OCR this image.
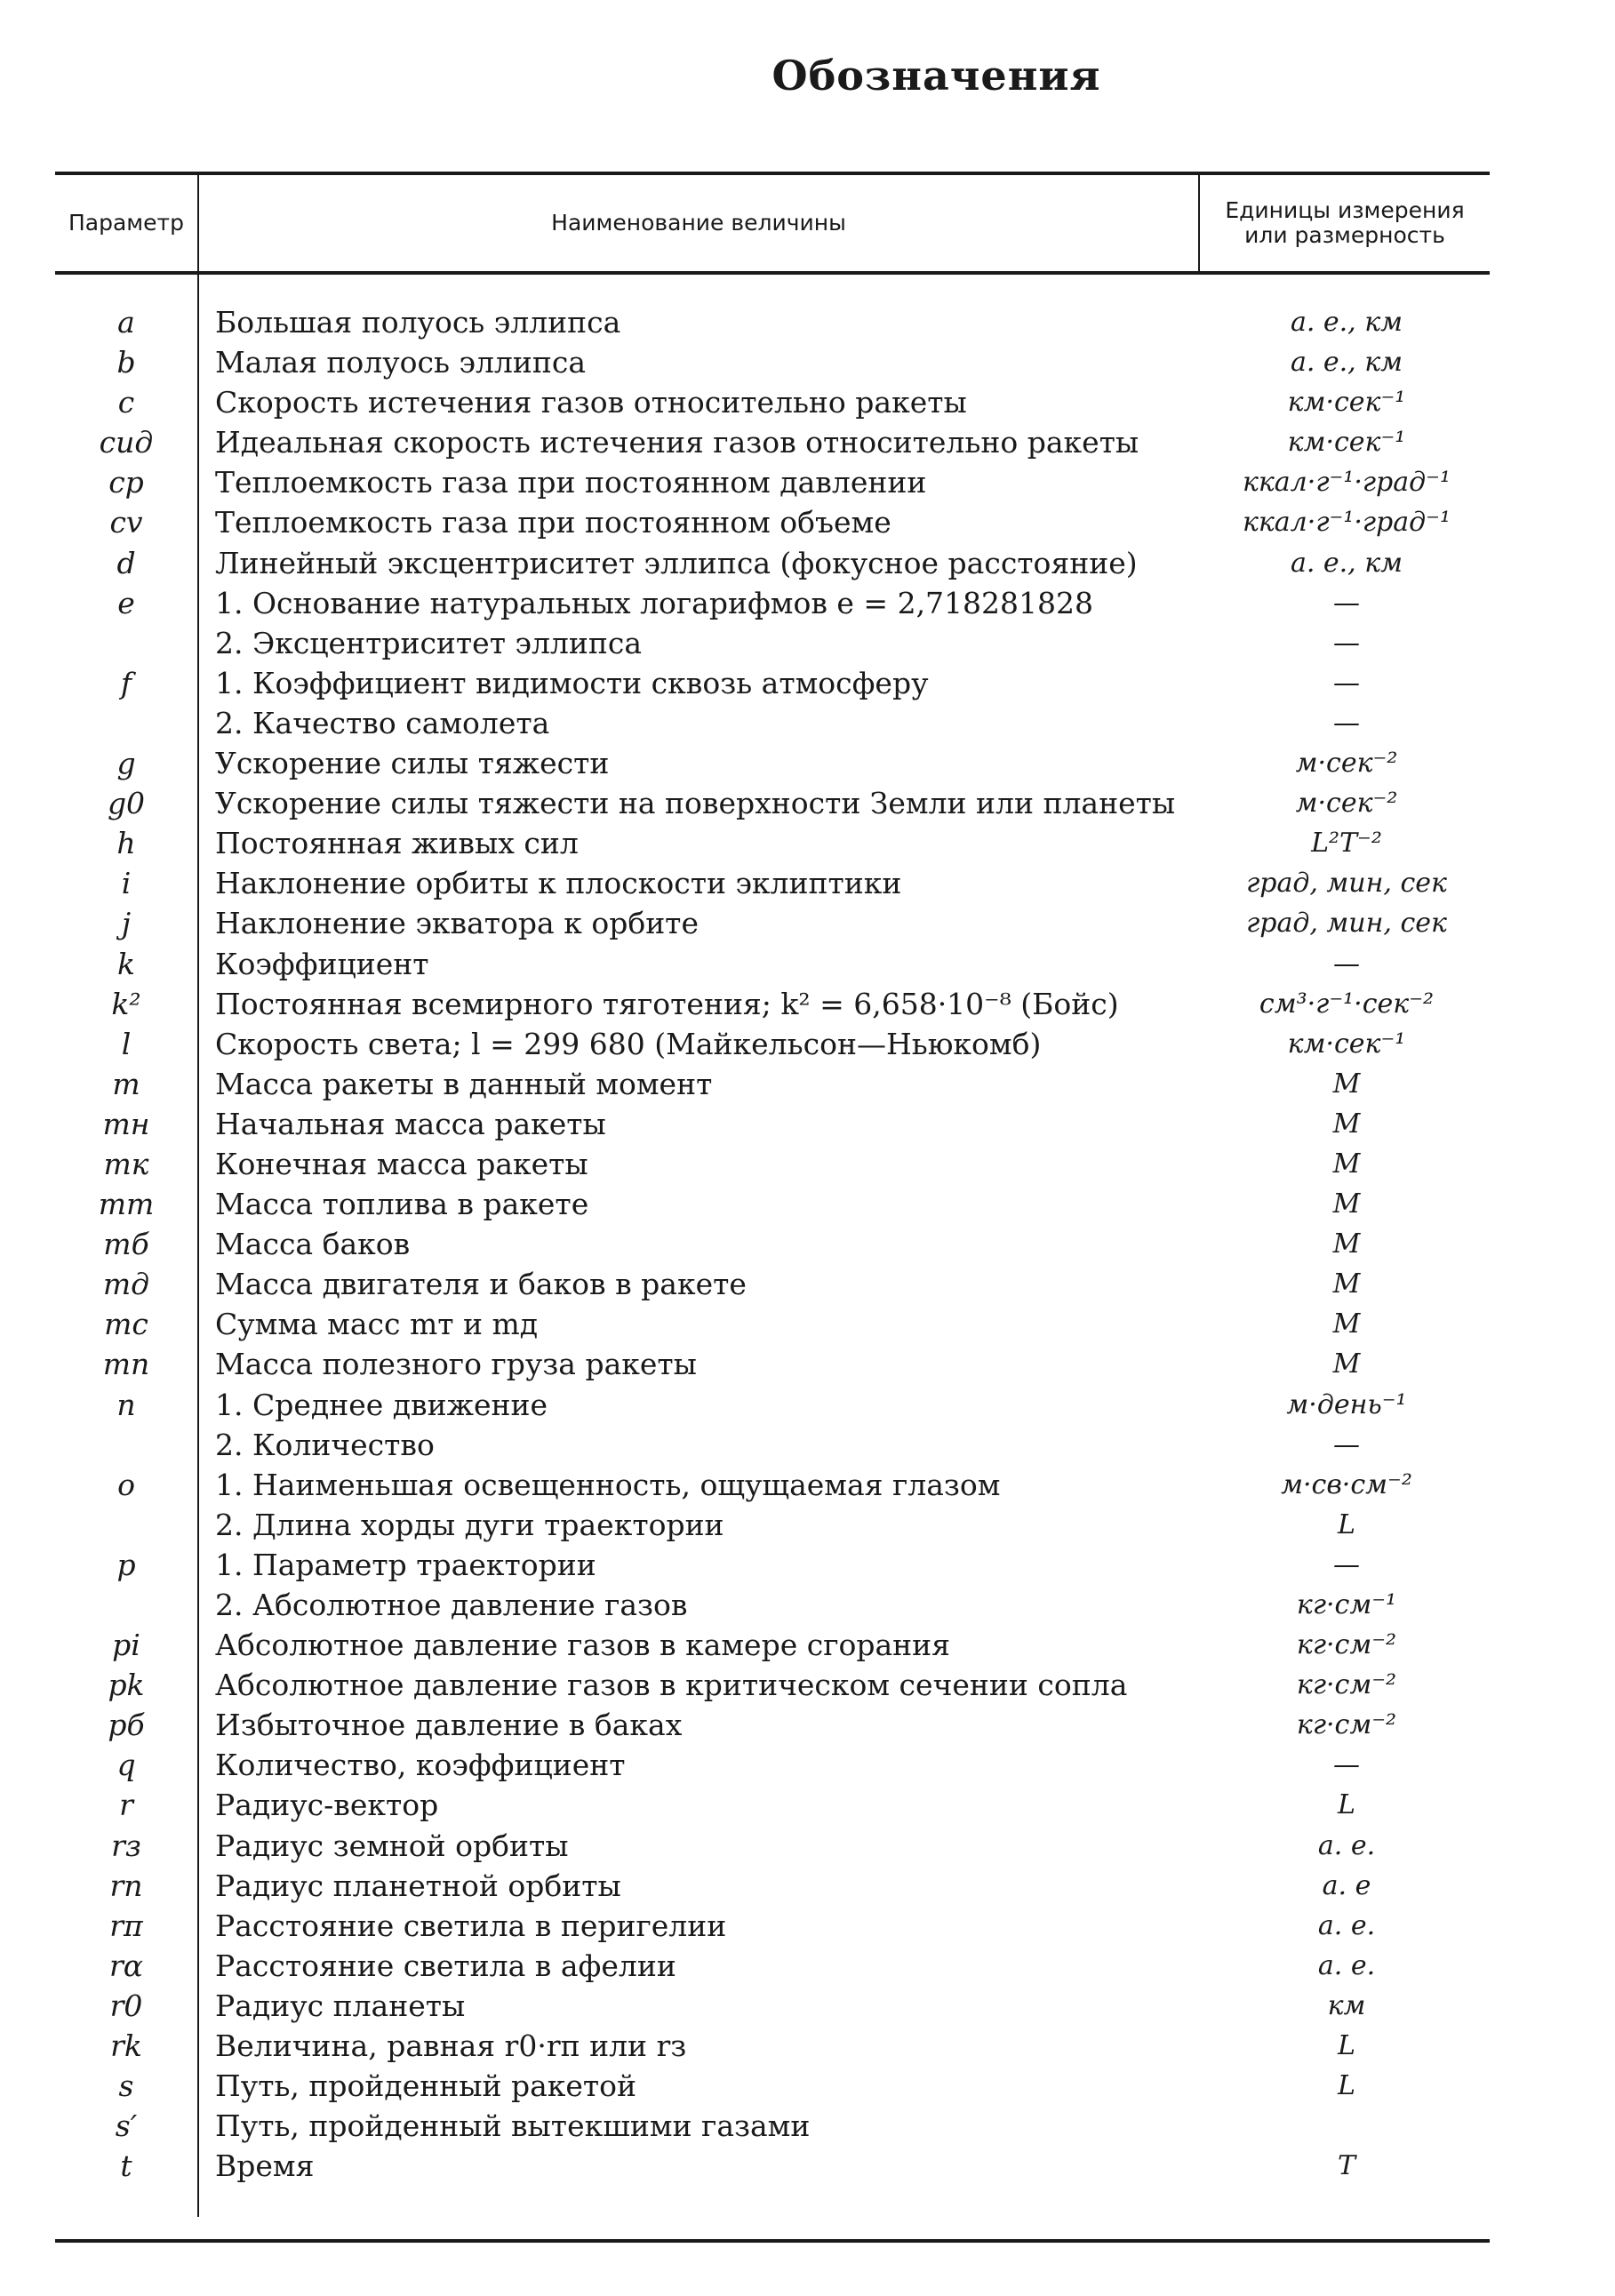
Обозначения
Параметр	Наименование величины	Единицы измерения
или размерность
a	Большая полуось эллипса	а. е., км
b	Малая полуось эллипса	а. е., км
c	Скорость истечения газов относительно ракеты	км·сек⁻¹
cид	Идеальная скорость истечения газов относительно ракеты	км·сек⁻¹
cp	Теплоемкость газа при постоянном давлении	ккал·г⁻¹·град⁻¹
cv	Теплоемкость газа при постоянном объеме	ккал·г⁻¹·град⁻¹
d	Линейный эксцентриситет эллипса (фокусное расстояние)	а. е., км
e	1. Основание натуральных логарифмов e = 2,718281828	—
2. Эксцентриситет эллипса	—
f	1. Коэффициент видимости сквозь атмосферу	—
2. Качество самолета	—
g	Ускорение силы тяжести	м·сек⁻²
g0	Ускорение силы тяжести на поверхности Земли или планеты	м·сек⁻²
h	Постоянная живых сил	L²T⁻²
i	Наклонение орбиты к плоскости эклиптики	град, мин, сек
j	Наклонение экватора к орбите	град, мин, сек
k	Коэффициент	—
k²	Постоянная всемирного тяготения; k² = 6,658·10⁻⁸ (Бойс)	см³·г⁻¹·сек⁻²
l	Скорость света; l = 299 680 (Майкельсон—Ньюкомб)	км·сек⁻¹
m	Масса ракеты в данный момент	M
mн	Начальная масса ракеты	M
mк	Конечная масса ракеты	M
mт	Масса топлива в ракете	M
mб	Масса баков	M
mд	Масса двигателя и баков в ракете	M
mс	Сумма масс mт и mд	M
mп	Масса полезного груза ракеты	M
n	1. Среднее движение	м·день⁻¹
2. Количество	—
o	1. Наименьшая освещенность, ощущаемая глазом	м·св·см⁻²
2. Длина хорды дуги траектории	L
p	1. Параметр траектории	—
2. Абсолютное давление газов	кг·см⁻¹
pi	Абсолютное давление газов в камере сгорания	кг·см⁻²
pk	Абсолютное давление газов в критическом сечении сопла	кг·см⁻²
pб	Избыточное давление в баках	кг·см⁻²
q	Количество, коэффициент	—
r	Радиус-вектор	L
rз	Радиус земной орбиты	а. е.
rп	Радиус планетной орбиты	а. е
rπ	Расстояние светила в перигелии	а. е.
rα	Расстояние светила в афелии	а. е.
r0	Радиус планеты	км
rk	Величина, равная r0·rп или rз	L
s	Путь, пройденный ракетой	L
s′	Путь, пройденный вытекшими газами
t	Время	T
